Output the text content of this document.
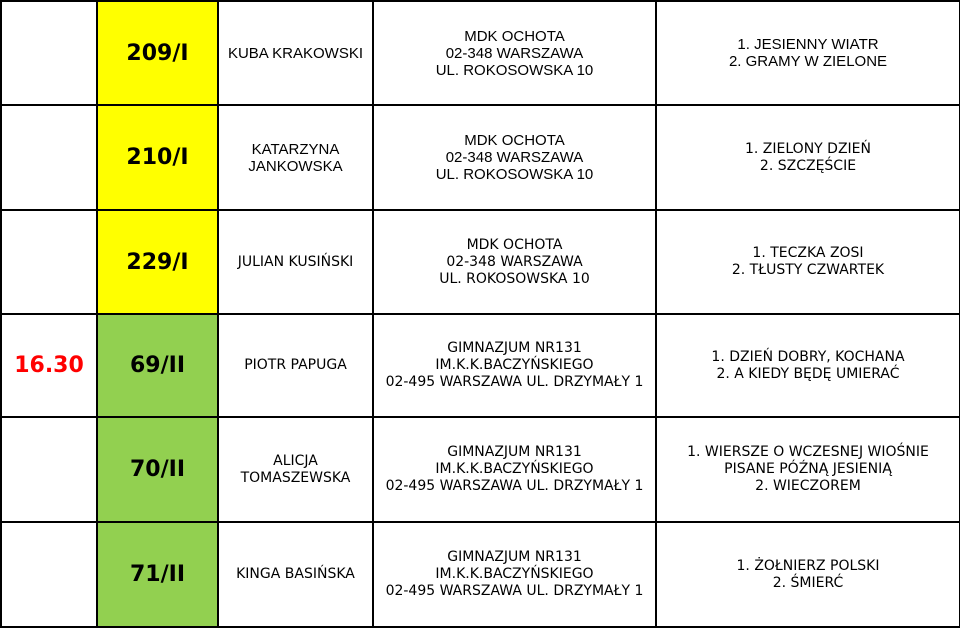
	209/I	KUBA KRAKOWSKI	MDK OCHOTA
02-348 WARSZAWA
UL. ROKOSOWSKA 10	1. JESIENNY WIATR
2. GRAMY W ZIELONE

	210/I	KATARZYNA
JANKOWSKA	MDK OCHOTA
02-348 WARSZAWA
UL. ROKOSOWSKA 10	1. ZIELONY DZIEŃ
2. SZCZĘŚCIE

	229/I	JULIAN KUSIŃSKI	MDK OCHOTA
02-348 WARSZAWA
UL. ROKOSOWSKA 10	1. TECZKA ZOSI
2. TŁUSTY CZWARTEK

16.30	69/II	PIOTR PAPUGA	GIMNAZJUM NR131
IM.K.K.BACZYŃSKIEGO
02-495 WARSZAWA UL. DRZYMAŁY 1	1. DZIEŃ DOBRY, KOCHANA
2. A KIEDY BĘDĘ UMIERAĆ

	70/II	ALICJA
TOMASZEWSKA	GIMNAZJUM NR131
IM.K.K.BACZYŃSKIEGO
02-495 WARSZAWA UL. DRZYMAŁY 1	1. WIERSZE O WCZESNEJ WIOŚNIE
PISANE PÓŹNĄ JESIENIĄ
2. WIECZOREM

	71/II	KINGA BASIŃSKA	GIMNAZJUM NR131
IM.K.K.BACZYŃSKIEGO
02-495 WARSZAWA UL. DRZYMAŁY 1	1. ŻOŁNIERZ POLSKI
2. ŚMIERĆ
